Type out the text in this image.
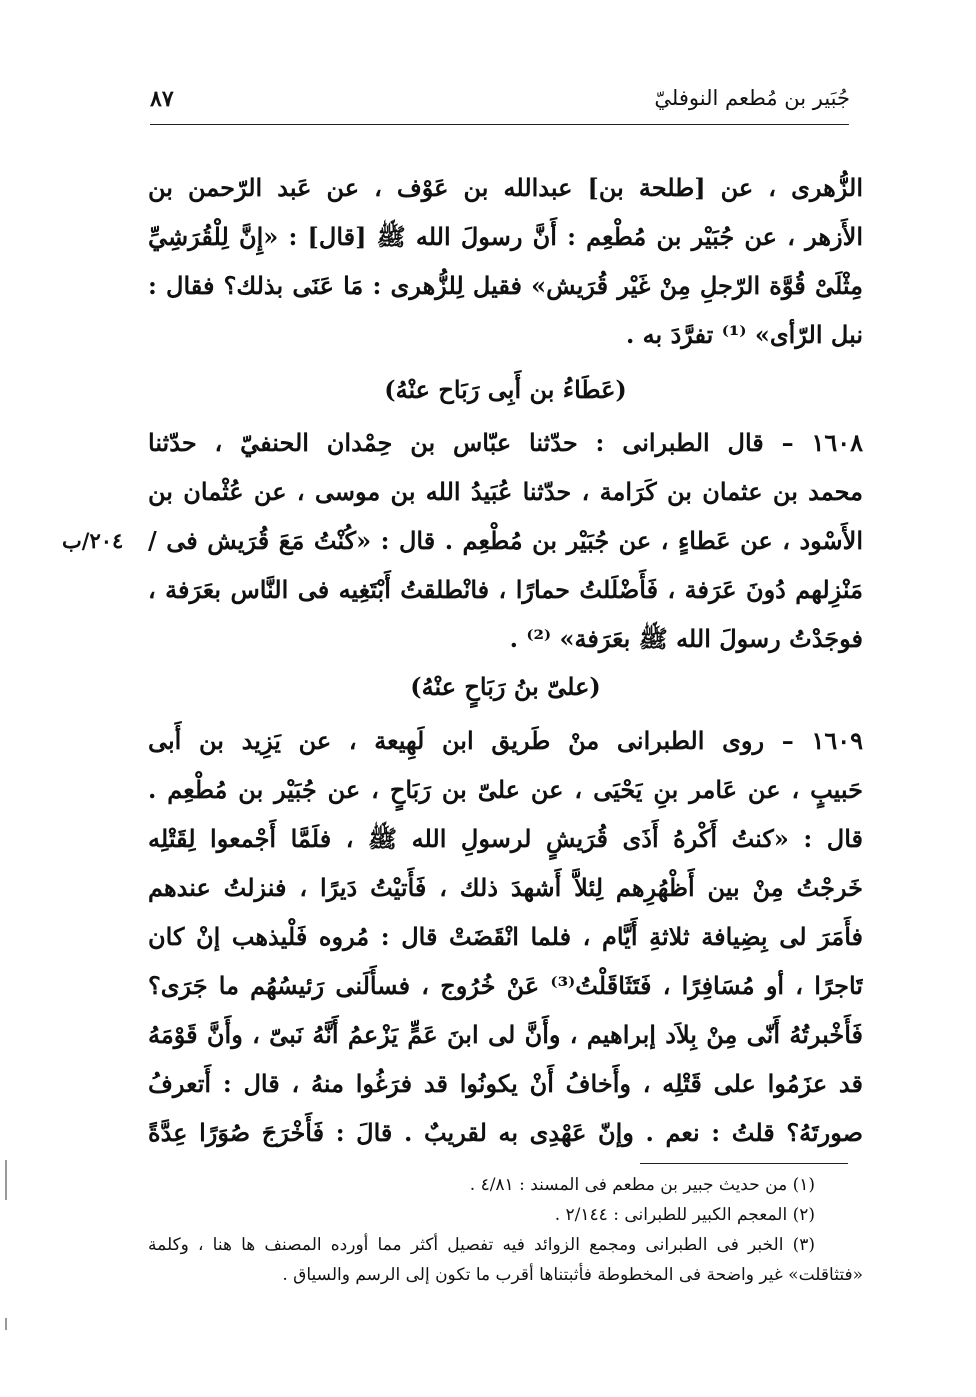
جُبَير بن مُطعم النوفليّ
٨٧
الزُّهرى ، عن [طلحة بن] عبدالله بن عَوْف ، عن عَبد الرّحمن بن
الأَزهر ، عن جُبَيْر بن مُطْعِم : أَنَّ رسولَ الله ﷺ [قال] : «إِنَّ لِلْقُرَشِيِّ
مِثْلَىْ قُوَّة الرّجلِ مِنْ غَيْر قُرَيش» فقيل لِلزُّهرى : مَا عَنَى بذلك؟ فقال :
نبل الرّأى» ⁽¹⁾ تفرَّدَ به .
(عَطَاءُ بن أَبِى رَبَاح عنْهُ)
١٦٠٨ – قال الطبرانى : حدّثنا عبّاس بن حِمْدان الحنفيّ ، حدّثنا
محمد بن عثمان بن كَرَامة ، حدّثنا عُبَيدُ الله بن موسى ، عن عُثْمان بن
الأَسْود ، عن عَطاءٍ ، عن جُبَيْر بن مُطْعِم . قال : «كُنْتُ مَعَ قُرَيش فى /
مَنْزِلهم دُونَ عَرَفة ، فَأَضْلَلتُ حمارًا ، فانْطلقتُ أَبْتَغِيه فى النَّاس بعَرَفة ،
فوجَدْتُ رسولَ الله ﷺ بعَرَفة» ⁽²⁾ .
٢٠٤/ب
(علىّ بنُ رَبَاحٍ عنْهُ)
١٦٠٩ – روى الطبرانى منْ طَريق ابن لَهِيعة ، عن يَزِيد بن أَبى
حَبيبٍ ، عن عَامر بنِ يَحْيَى ، عن علىّ بن رَبَاحٍ ، عن جُبَيْر بن مُطْعِم .
قال : «كنتُ أَكْرهُ أَذَى قُرَيشٍ لرسولِ الله ﷺ ، فلَمَّا أَجْمعوا لِقَتْلِه
خَرجْتُ مِنْ بين أَظْهُرِهم لِئلاَّ أَشهدَ ذلك ، فَأَتيْتُ دَيرًا ، فنزلتُ عندهم
فأَمَرَ لى بِضِيافة ثلاثةِ أَيَّام ، فلما انْقَضَتْ قال : مُروه فَلْيذهب إنْ كان
تَاجرًا ، أو مُسَافِرًا ، فَتَثَاقَلْتُ⁽³⁾ عَنْ خُرُوج ، فسأَلَنى رَئيسُهُم ما جَرَى؟
فَأَخْبرتُهُ أَنّى مِنْ بِلاَد إبراهيم ، وأَنَّ لى ابنَ عَمٍّ يَزْعمُ أَنَّهُ نَبىّ ، وأَنَّ قَوْمَهُ
قد عزَمُوا على قَتْلِه ، وأَخافُ أَنْ يكونُوا قد فرَغُوا منهُ ، قال : أَتعرفُ
صورتَهُ؟ قلتُ : نعم . وإنّ عَهْدِى به لقريبٌ . قالَ : فَأَخْرَجَ صُوَرًا عِدَّةً
(١) من حديث جبير بن مطعم فى المسند : ٤/٨١ .
(٢) المعجم الكبير للطبرانى : ٢/١٤٤ .
(٣) الخبر فى الطبرانى ومجمع الزوائد فيه تفصيل أكثر مما أورده المصنف ها هنا ، وكلمة
«فتثاقلت» غير واضحة فى المخطوطة فأثبتناها أقرب ما تكون إلى الرسم والسياق .
